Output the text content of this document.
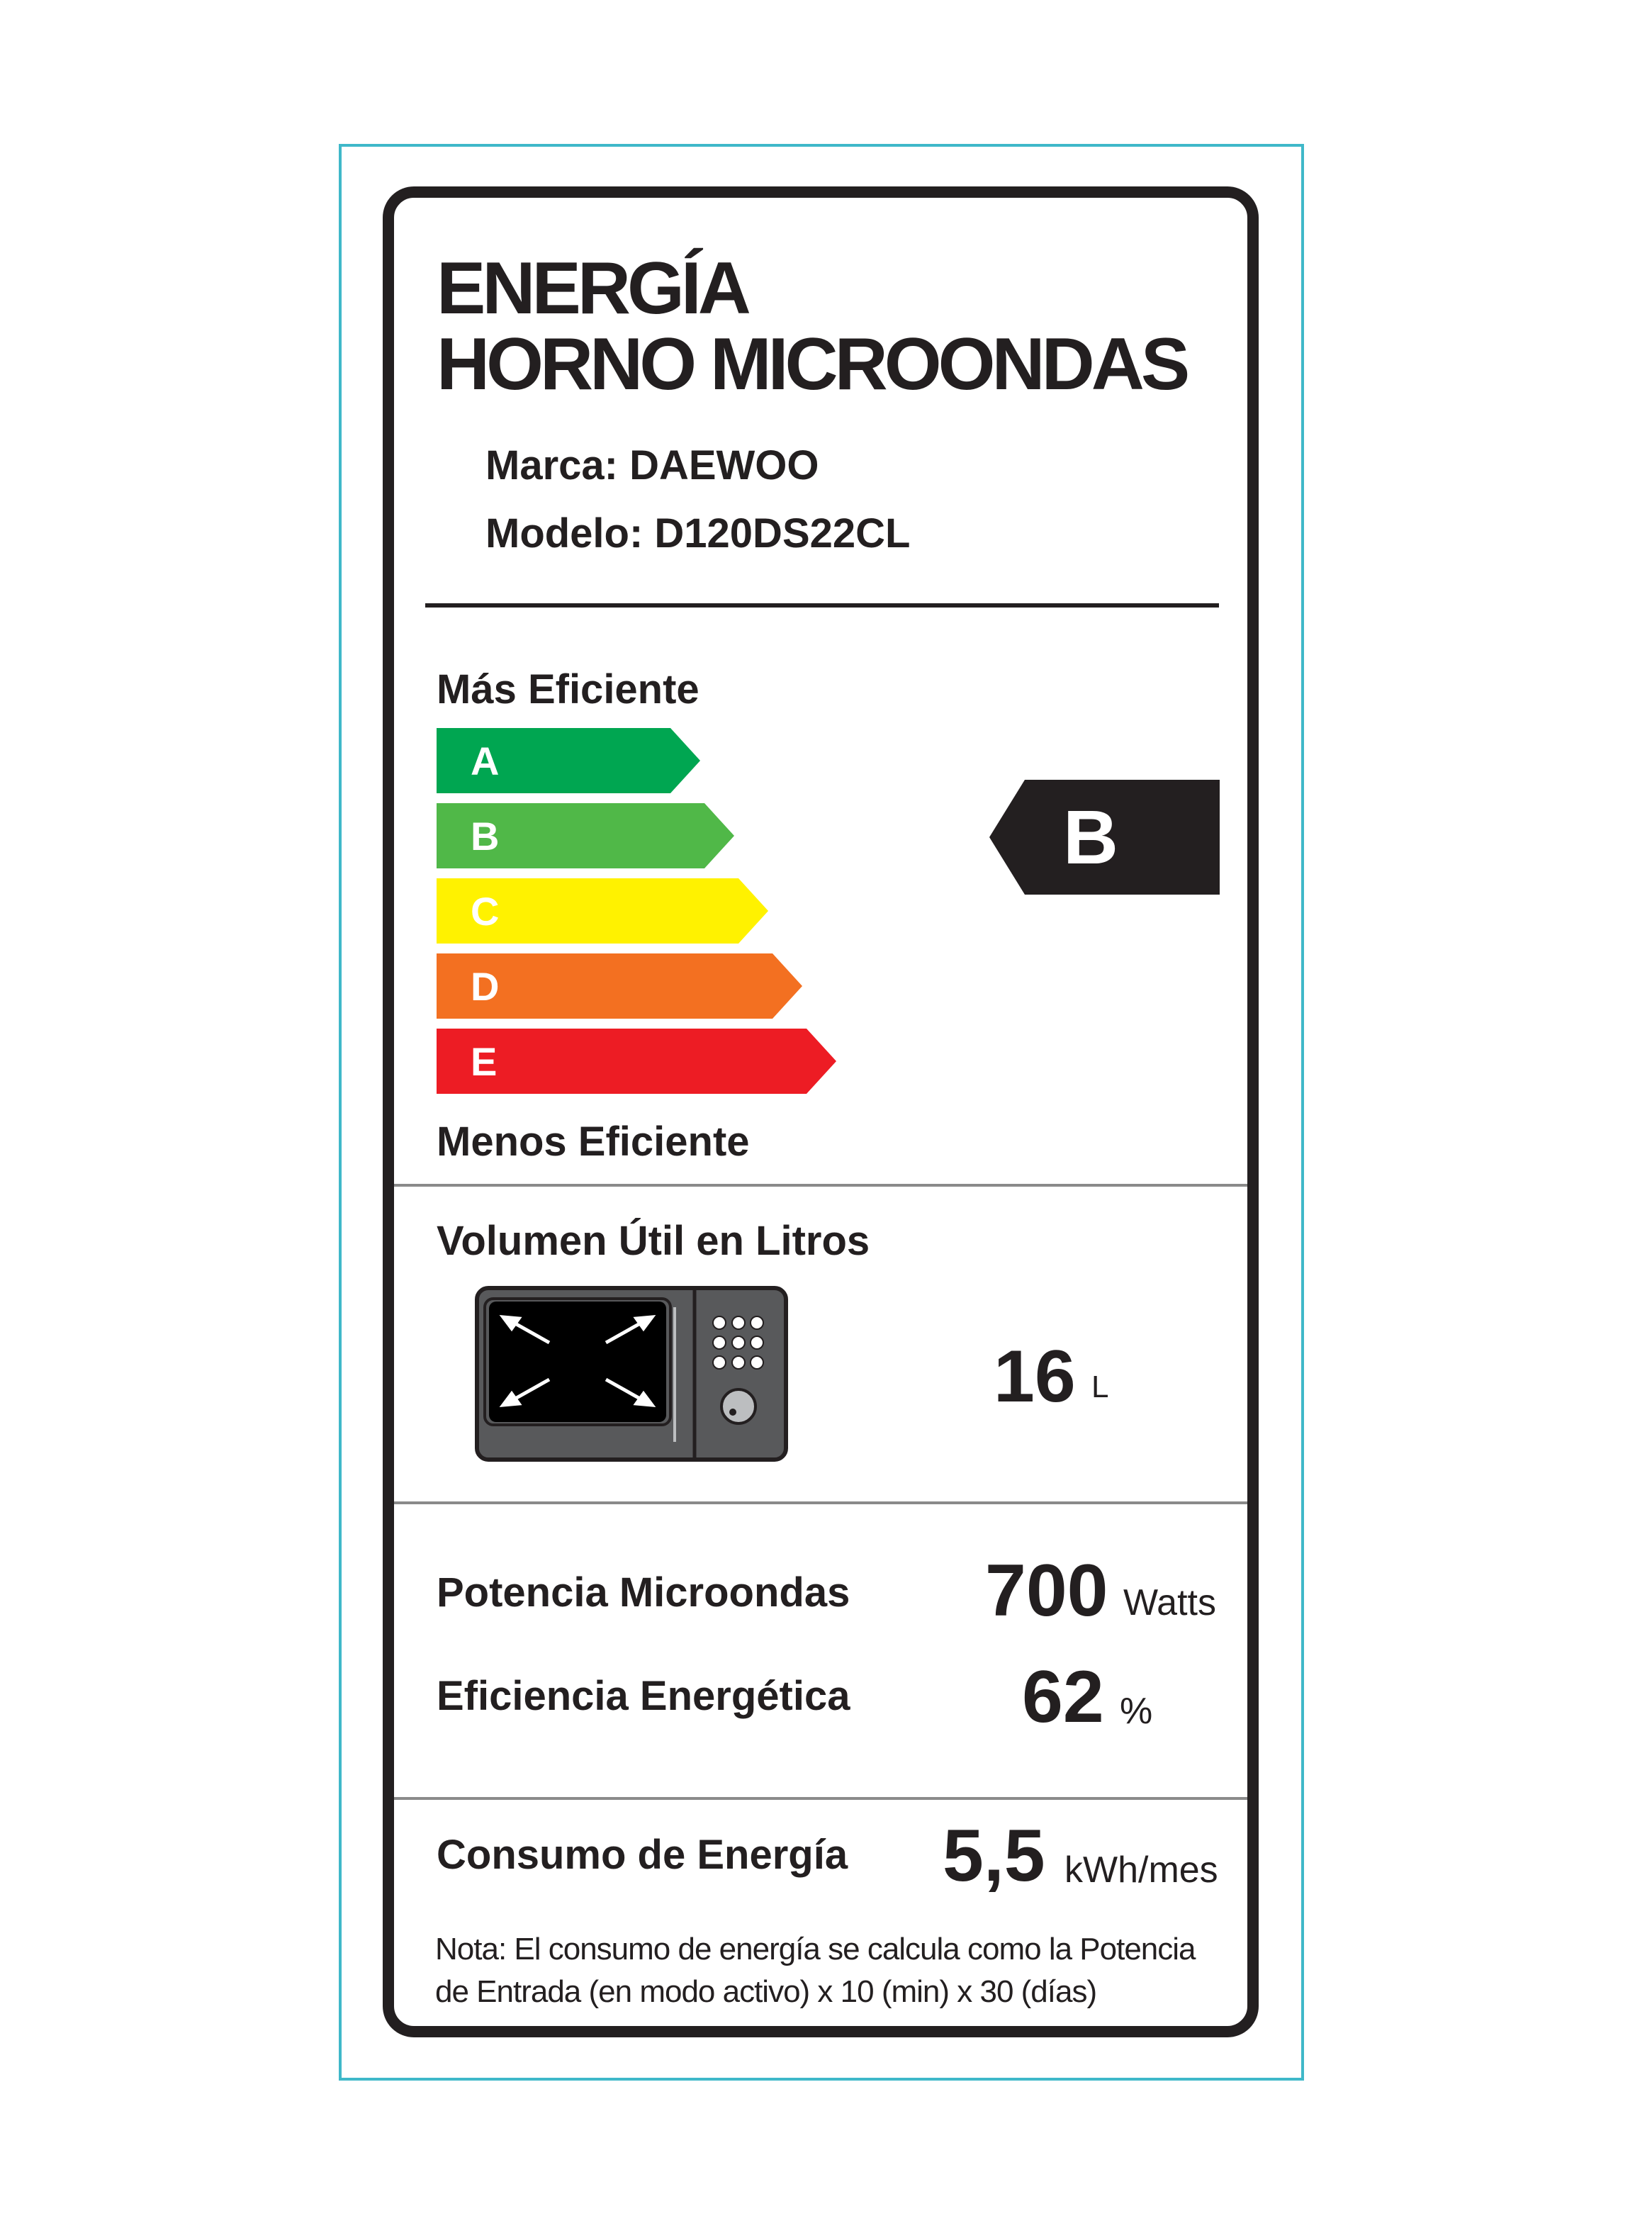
ENERGÍA
HORNO MICROONDAS
Marca: DAEWOO
Modelo: D120DS22CL
Más Eficiente
A
B
C
D
E
B
Menos Eficiente
Volumen Útil en Litros
16 L
Potencia Microondas 700 Watts
Eficiencia Energética 62 %
Consumo de Energía 5,5 kWh/mes
Nota: El consumo de energía se calcula como la Potencia
de Entrada (en modo activo) x 10 (min) x 30 (días)
